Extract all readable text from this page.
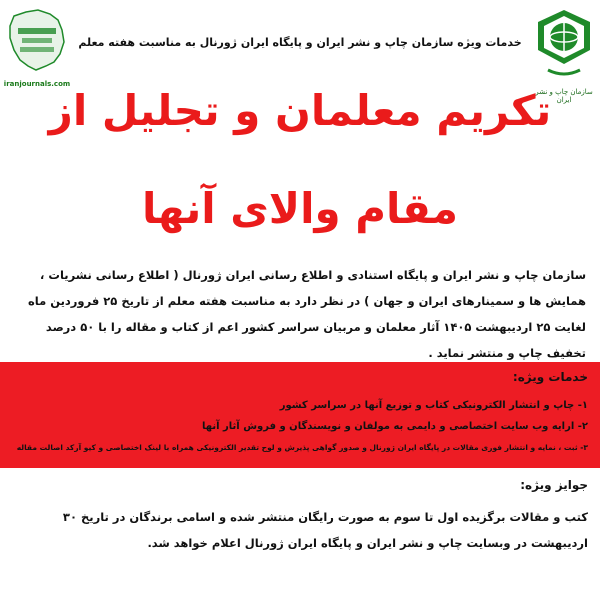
iranjournals.com
سازمان چاپ و نشر ایران
خدمات ویژه سازمان چاپ و نشر ایران و پایگاه ایران ژورنال به مناسبت هفته معلم
تکریم معلمان و تجلیل از
مقام والای آنها
سازمان چاپ و نشر ایران و پایگاه استنادی و اطلاع رسانی ایران ژورنال ( اطلاع رسانی نشریات ، همایش ها و سمینارهای ایران و جهان ) در نظر دارد به مناسبت هفته معلم از تاریخ ۲۵ فروردین ماه لغایت ۲۵ اردیبهشت ۱۴۰۵ آثار معلمان و مربیان سراسر کشور اعم از کتاب و مقاله را با ۵۰ درصد تخفیف چاپ و منتشر نماید .
خدمات ویژه:
۱- چاپ و انتشار الکترونیکی کتاب و توزیع آنها در سراسر کشور
۲- ارایه وب سایت اختصاصی و دایمی به مولفان و نویسندگان و فروش آثار آنها
۳- ثبت ، نمایه و انتشار فوری مقالات در پایگاه ایران ژورنال و صدور گواهی پذیرش و لوح تقدیر الکترونیکی همراه با لینک اختصاصی و کیو آرکد اصالت مقاله
جوایز ویژه:
کتب و مقالات برگزیده اول تا سوم به صورت رایگان منتشر شده و اسامی برندگان در تاریخ ۳۰ اردیبهشت در وبسایت چاپ و نشر ایران و پایگاه ایران ژورنال اعلام خواهد شد.
